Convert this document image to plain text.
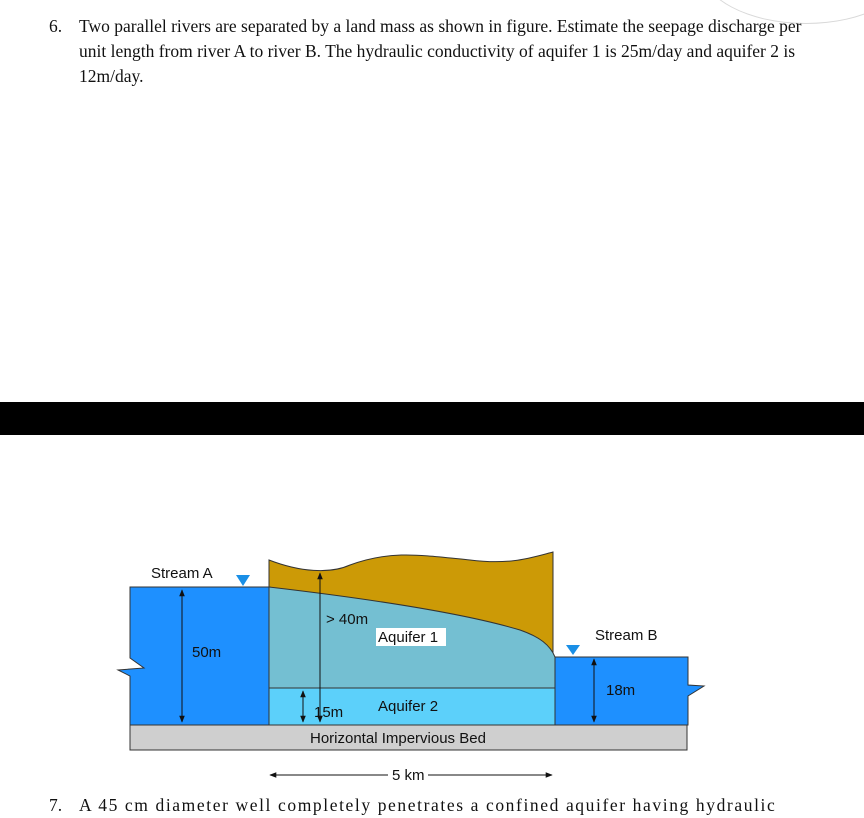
6. Two parallel rivers are separated by a land mass as shown in figure. Estimate the seepage discharge per unit length from river A to river B. The hydraulic conductivity of aquifer 1 is 25m/day and aquifer 2 is 12m/day.
Stream A
Stream B
50m
> 40m
Aquifer 1
15m Aquifer 2
18m
Horizontal Impervious Bed
5 km
7. A 45 cm diameter well completely penetrates a confined aquifer having hydraulic
